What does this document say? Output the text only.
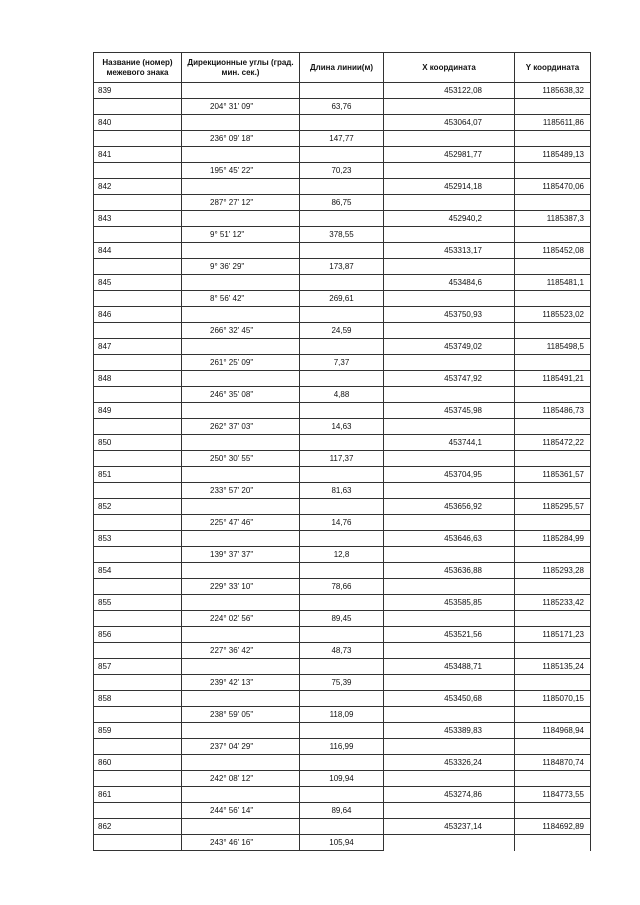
Название (номер) межевого знака	Дирекционные углы (град. мин. сек.)	Длина линии(м)	X координата	Y координата
839			453122,08	1185638,32
	204° 31' 09"	63,76		
840			453064,07	1185611,86
	236° 09' 18"	147,77		
841			452981,77	1185489,13
	195° 45' 22"	70,23		
842			452914,18	1185470,06
	287° 27' 12"	86,75		
843			452940,2	1185387,3
	9° 51' 12"	378,55		
844			453313,17	1185452,08
	9° 36' 29"	173,87		
845			453484,6	1185481,1
	8° 56' 42"	269,61		
846			453750,93	1185523,02
	266° 32' 45"	24,59		
847			453749,02	1185498,5
	261° 25' 09"	7,37		
848			453747,92	1185491,21
	246° 35' 08"	4,88		
849			453745,98	1185486,73
	262° 37' 03"	14,63		
850			453744,1	1185472,22
	250° 30' 55"	117,37		
851			453704,95	1185361,57
	233° 57' 20"	81,63		
852			453656,92	1185295,57
	225° 47' 46"	14,76		
853			453646,63	1185284,99
	139° 37' 37"	12,8		
854			453636,88	1185293,28
	229° 33' 10"	78,66		
855			453585,85	1185233,42
	224° 02' 56"	89,45		
856			453521,56	1185171,23
	227° 36' 42"	48,73		
857			453488,71	1185135,24
	239° 42' 13"	75,39		
858			453450,68	1185070,15
	238° 59' 05"	118,09		
859			453389,83	1184968,94
	237° 04' 29"	116,99		
860			453326,24	1184870,74
	242° 08' 12"	109,94		
861			453274,86	1184773,55
	244° 56' 14"	89,64		
862			453237,14	1184692,89
	243° 46' 16"	105,94		
